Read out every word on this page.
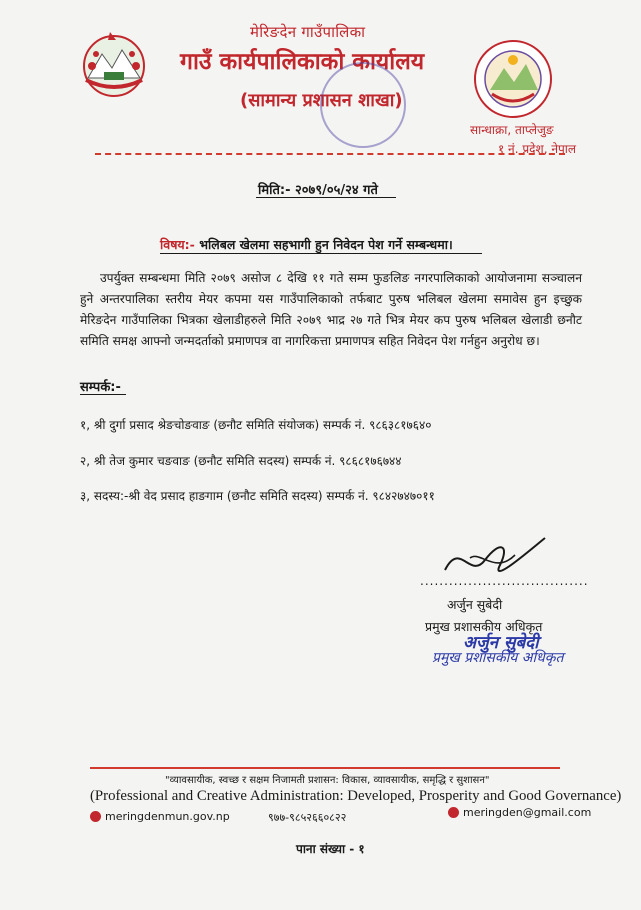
मेरिङदेन गाउँपालिका
गाउँ कार्यपालिकाको कार्यालय
(सामान्य प्रशासन शाखा)
सान्धाक्रा, ताप्लेजुङ
१ नं. प्रदेश, नेपाल
मिति:- २०७९/०५/२४ गते
विषय:- भलिबल खेलमा सहभागी हुन निवेदन पेश गर्ने सम्बन्धमा।
उपर्युक्त सम्बन्धमा मिति २०७९ असोज ८ देखि ११ गते सम्म फुङलिङ नगरपालिकाको आयोजनामा सञ्चालन हुने अन्तरपालिका स्तरीय मेयर कपमा यस गाउँपालिकाको तर्फबाट पुरुष भलिबल खेलमा समावेस हुन इच्छुक मेरिङदेन गाउँपालिका भित्रका खेलाडीहरुले मिति २०७९ भाद्र २७ गते भित्र मेयर कप पुरुष भलिबल खेलाडी छनौट समिति समक्ष आफ्नो जन्मदर्ताको प्रमाणपत्र वा नागरिकत्ता प्रमाणपत्र सहित निवेदन पेश गर्नहुन अनुरोध छ।
सम्पर्क:-
१, श्री दुर्गा प्रसाद श्रेङचोङवाङ (छनौट समिति संयोजक) सम्पर्क नं. ९८६३८१७६४०
२, श्री तेज कुमार चङवाङ (छनौट समिति सदस्य) सम्पर्क नं. ९८६८१७६७४४
३, सदस्य:-श्री वेद प्रसाद हाङगाम (छनौट समिति सदस्य) सम्पर्क नं. ९८४२७४७०११
...................................
अर्जुन सुबेदी
प्रमुख प्रशासकीय अधिकृत
अर्जुन सुबेदी
प्रमुख प्रशासकीय अधिकृत
"व्यावसायीक, स्वच्छ र सक्षम निजामती प्रशासन: विकास, व्यावसायीक, समृद्धि र सुशासन"
(Professional and Creative Administration: Developed, Prosperity and Good Governance)
meringdenmun.gov.np	९७७-९८५२६६०८२२	meringden@gmail.com
पाना संख्या - १
